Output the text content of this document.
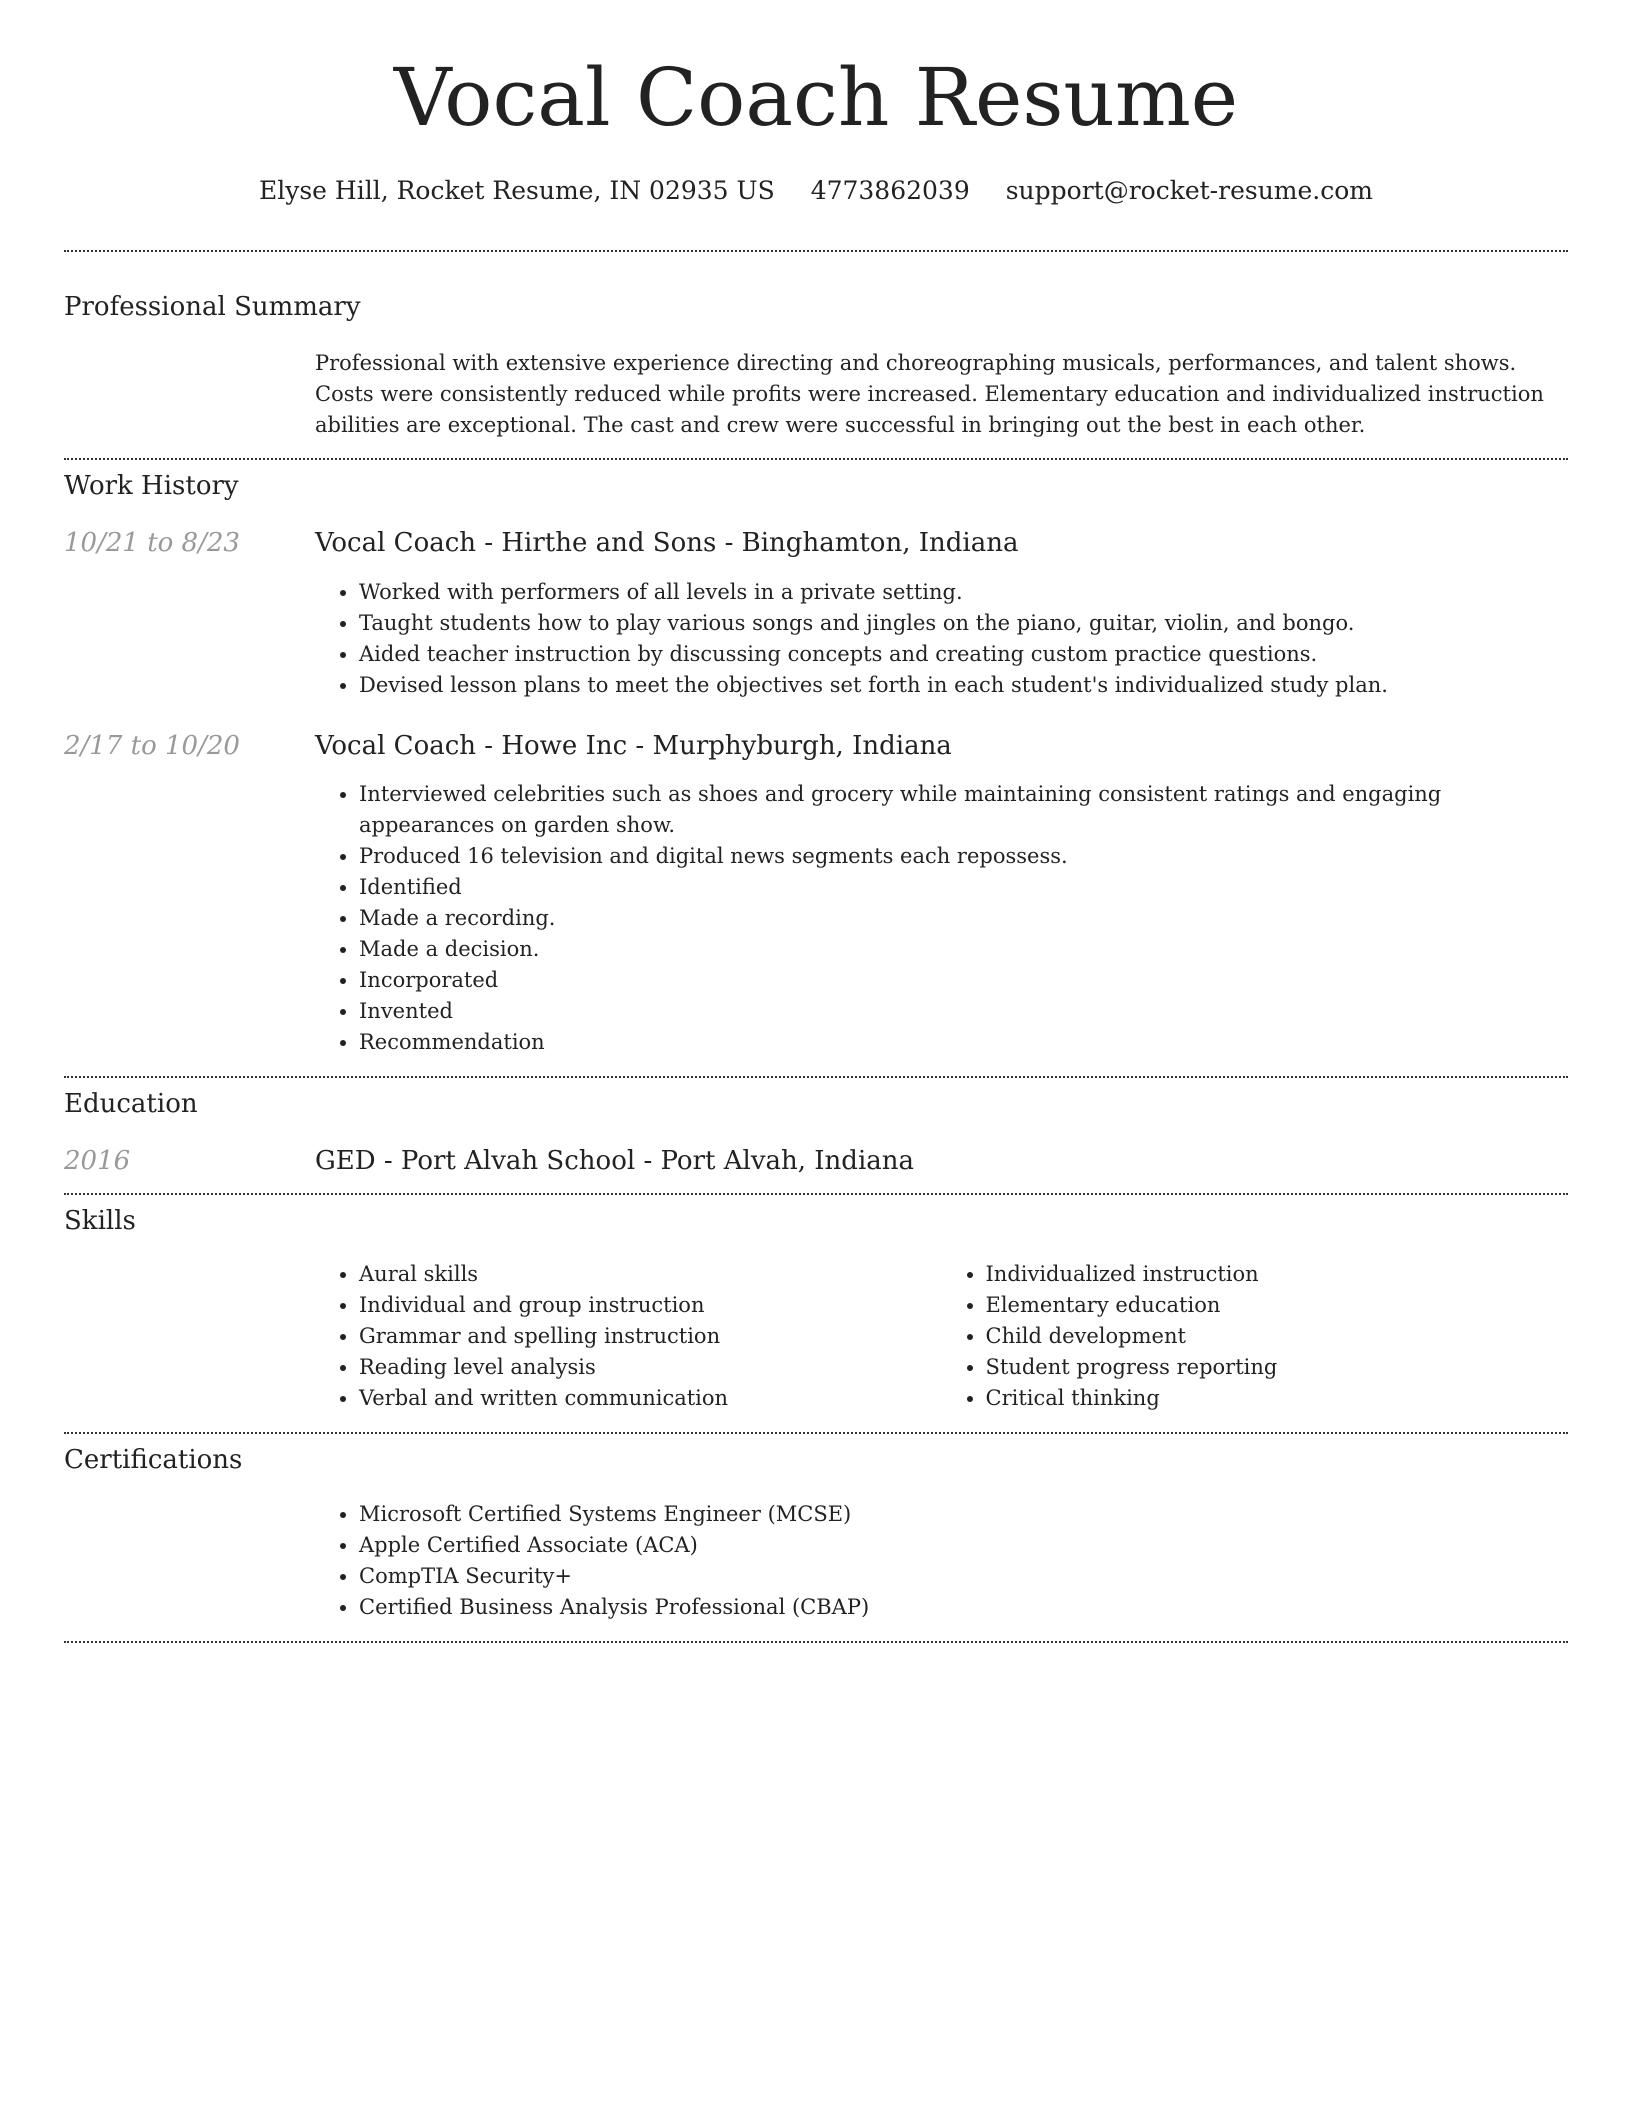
Vocal Coach Resume
Elyse Hill, Rocket Resume, IN 02935 US 4773862039 support@rocket-resume.com
Professional Summary

Professional with extensive experience directing and choreographing musicals, performances, and talent shows. Costs were consistently reduced while profits were increased. Elementary education and individualized instruction abilities are exceptional. The cast and crew were successful in bringing out the best in each other.

Work History
10/21 to 8/23	Vocal Coach - Hirthe and Sons - Binghamton, Indiana
• Worked with performers of all levels in a private setting.
• Taught students how to play various songs and jingles on the piano, guitar, violin, and bongo.
• Aided teacher instruction by discussing concepts and creating custom practice questions.
• Devised lesson plans to meet the objectives set forth in each student's individualized study plan.
2/17 to 10/20	Vocal Coach - Howe Inc - Murphyburgh, Indiana
• Interviewed celebrities such as shoes and grocery while maintaining consistent ratings and engaging appearances on garden show.
• Produced 16 television and digital news segments each repossess.
• Identified
• Made a recording.
• Made a decision.
• Incorporated
• Invented
• Recommendation
Education
2016	GED - Port Alvah School - Port Alvah, Indiana
Skills
• Aural skills
• Individual and group instruction
• Grammar and spelling instruction
• Reading level analysis
• Verbal and written communication
• Individualized instruction
• Elementary education
• Child development
• Student progress reporting
• Critical thinking
Certifications
• Microsoft Certified Systems Engineer (MCSE)
• Apple Certified Associate (ACA)
• CompTIA Security+
• Certified Business Analysis Professional (CBAP)
